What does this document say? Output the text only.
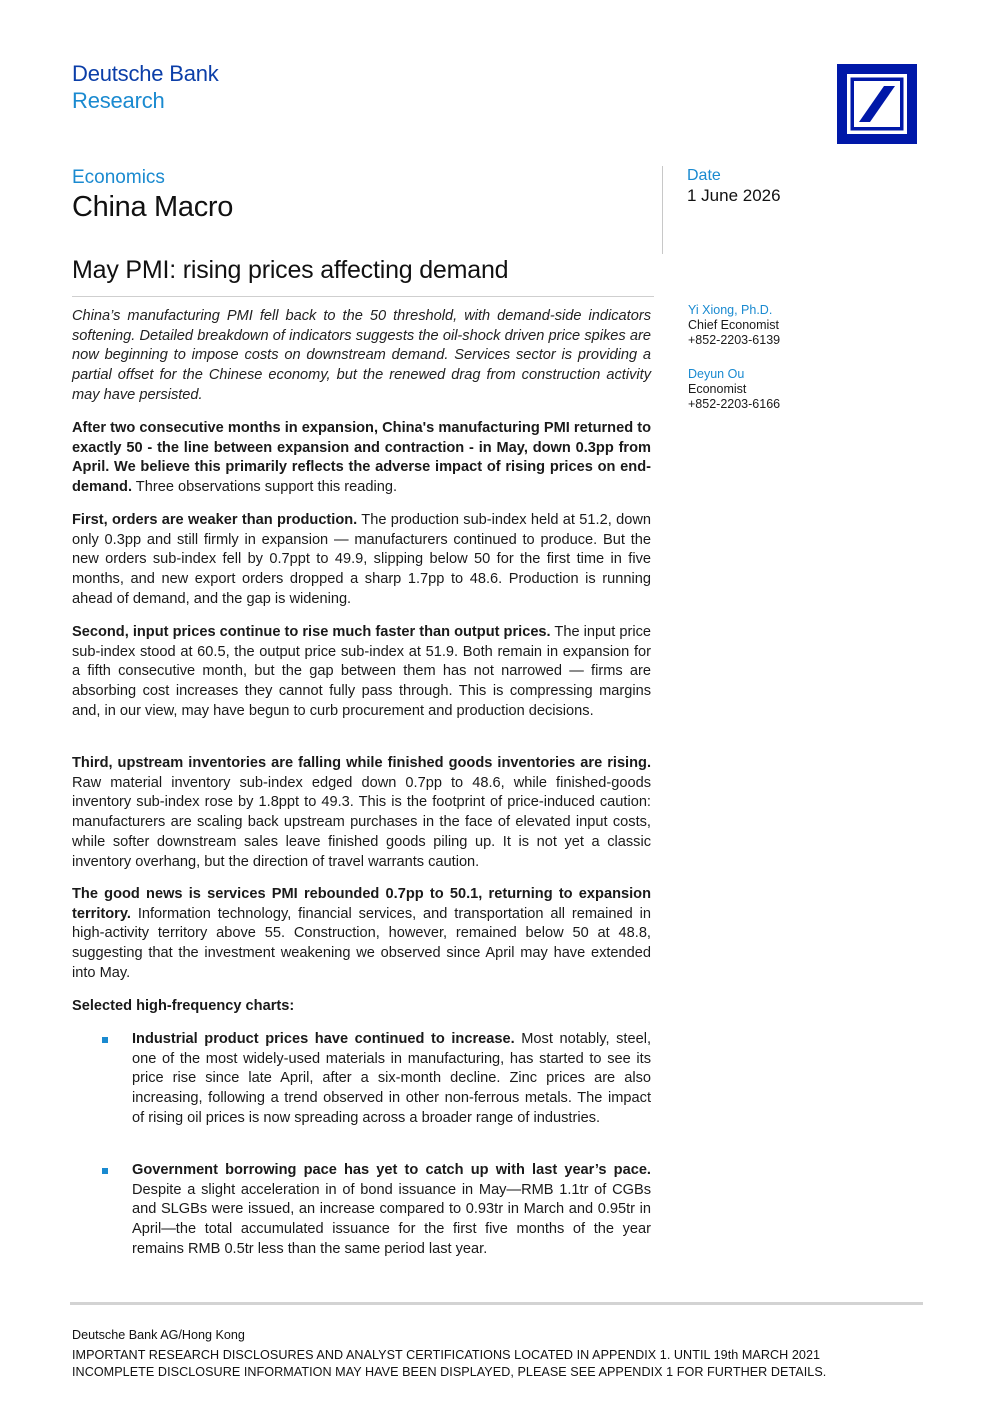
Deutsche Bank
Research
Economics
China Macro
Date
1 June 2026
May PMI: rising prices affecting demand
Yi Xiong, Ph.D.
Chief Economist
+852-2203-6139
Deyun Ou
Economist
+852-2203-6166
China’s manufacturing PMI fell back to the 50 threshold, with demand-side indicators softening. Detailed breakdown of indicators suggests the oil-shock driven price spikes are now beginning to impose costs on downstream demand. Services sector is providing a partial offset for the Chinese economy, but the renewed drag from construction activity may have persisted.
After two consecutive months in expansion, China's manufacturing PMI returned to exactly 50 - the line between expansion and contraction - in May, down 0.3pp from April. We believe this primarily reflects the adverse impact of rising prices on end-demand. Three observations support this reading.
First, orders are weaker than production. The production sub-index held at 51.2, down only 0.3pp and still firmly in expansion — manufacturers continued to produce. But the new orders sub-index fell by 0.7ppt to 49.9, slipping below 50 for the first time in five months, and new export orders dropped a sharp 1.7pp to 48.6. Production is running ahead of demand, and the gap is widening.
Second, input prices continue to rise much faster than output prices. The input price sub-index stood at 60.5, the output price sub-index at 51.9. Both remain in expansion for a fifth consecutive month, but the gap between them has not narrowed — firms are absorbing cost increases they cannot fully pass through. This is compressing margins and, in our view, may have begun to curb procurement and production decisions.
Third, upstream inventories are falling while finished goods inventories are rising. Raw material inventory sub-index edged down 0.7pp to 48.6, while finished-goods inventory sub-index rose by 1.8ppt to 49.3. This is the footprint of price-induced caution: manufacturers are scaling back upstream purchases in the face of elevated input costs, while softer downstream sales leave finished goods piling up. It is not yet a classic inventory overhang, but the direction of travel warrants caution.
The good news is services PMI rebounded 0.7pp to 50.1, returning to expansion territory. Information technology, financial services, and transportation all remained in high-activity territory above 55. Construction, however, remained below 50 at 48.8, suggesting that the investment weakening we observed since April may have extended into May.
Selected high-frequency charts:
Industrial product prices have continued to increase. Most notably, steel, one of the most widely-used materials in manufacturing, has started to see its price rise since late April, after a six-month decline. Zinc prices are also increasing, following a trend observed in other non-ferrous metals. The impact of rising oil prices is now spreading across a broader range of industries.
Government borrowing pace has yet to catch up with last year’s pace. Despite a slight acceleration in of bond issuance in May—RMB 1.1tr of CGBs and SLGBs were issued, an increase compared to 0.93tr in March and 0.95tr in April—the total accumulated issuance for the first five months of the year remains RMB 0.5tr less than the same period last year.
Deutsche Bank AG/Hong Kong
IMPORTANT RESEARCH DISCLOSURES AND ANALYST CERTIFICATIONS LOCATED IN APPENDIX 1. UNTIL 19th MARCH 2021
INCOMPLETE DISCLOSURE INFORMATION MAY HAVE BEEN DISPLAYED, PLEASE SEE APPENDIX 1 FOR FURTHER DETAILS.
